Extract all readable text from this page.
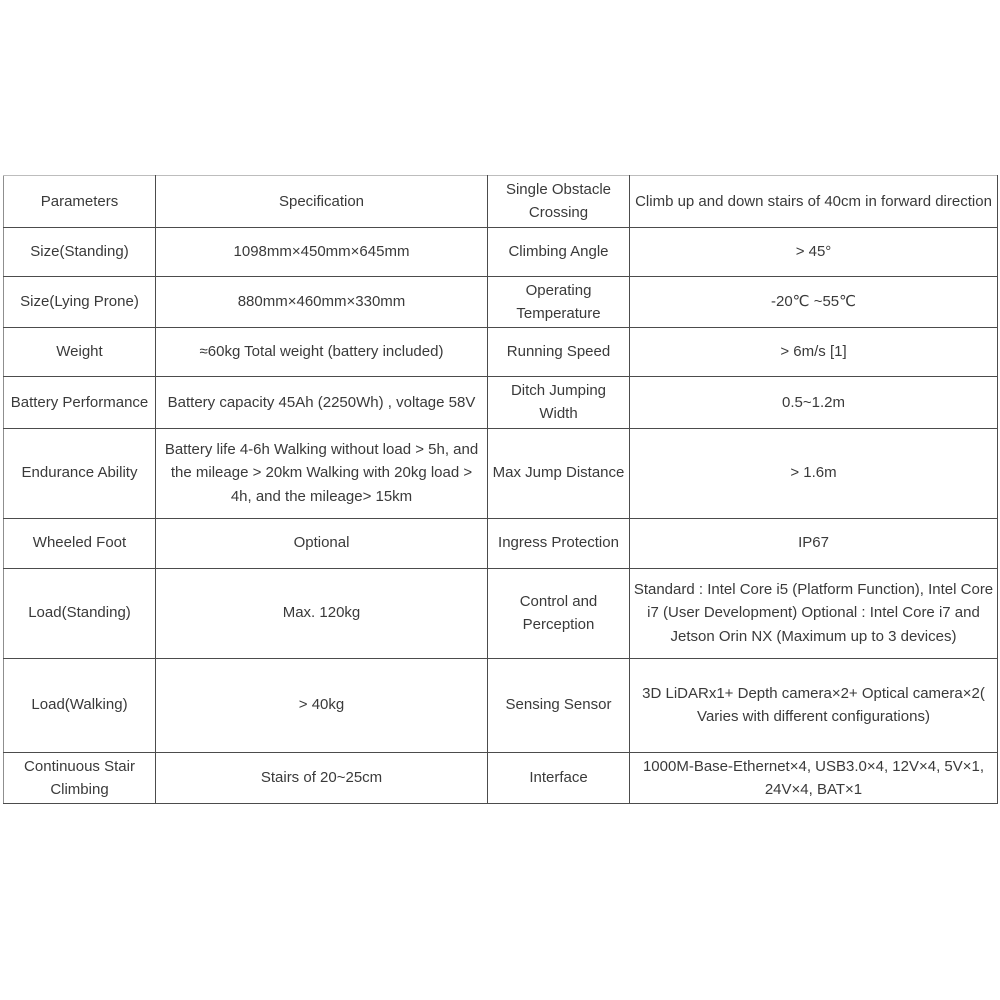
Parameters	Specification	Single Obstacle Crossing	Climb up and down stairs of 40cm in forward direction
Size(Standing)	1098mm×450mm×645mm	Climbing Angle	> 45°
Size(Lying Prone)	880mm×460mm×330mm	Operating Temperature	-20℃ ~55℃
Weight	≈60kg Total weight (battery included)	Running Speed	> 6m/s [1]
Battery Performance	Battery capacity 45Ah (2250Wh) , voltage 58V	Ditch Jumping Width	0.5~1.2m
Endurance Ability	Battery life 4-6h Walking without load > 5h, and the mileage > 20km Walking with 20kg load > 4h, and the mileage> 15km	Max Jump Distance	> 1.6m
Wheeled Foot	Optional	Ingress Protection	IP67
Load(Standing)	Max. 120kg	Control and Perception	Standard : Intel Core i5 (Platform Function), Intel Core i7 (User Development) Optional : Intel Core i7 and Jetson Orin NX (Maximum up to 3 devices)
Load(Walking)	> 40kg	Sensing Sensor	3D LiDARx1+ Depth camera×2+ Optical camera×2( Varies with different configurations)
Continuous Stair Climbing	Stairs of 20~25cm	Interface	1000M-Base-Ethernet×4, USB3.0×4, 12V×4, 5V×1, 24V×4, BAT×1
